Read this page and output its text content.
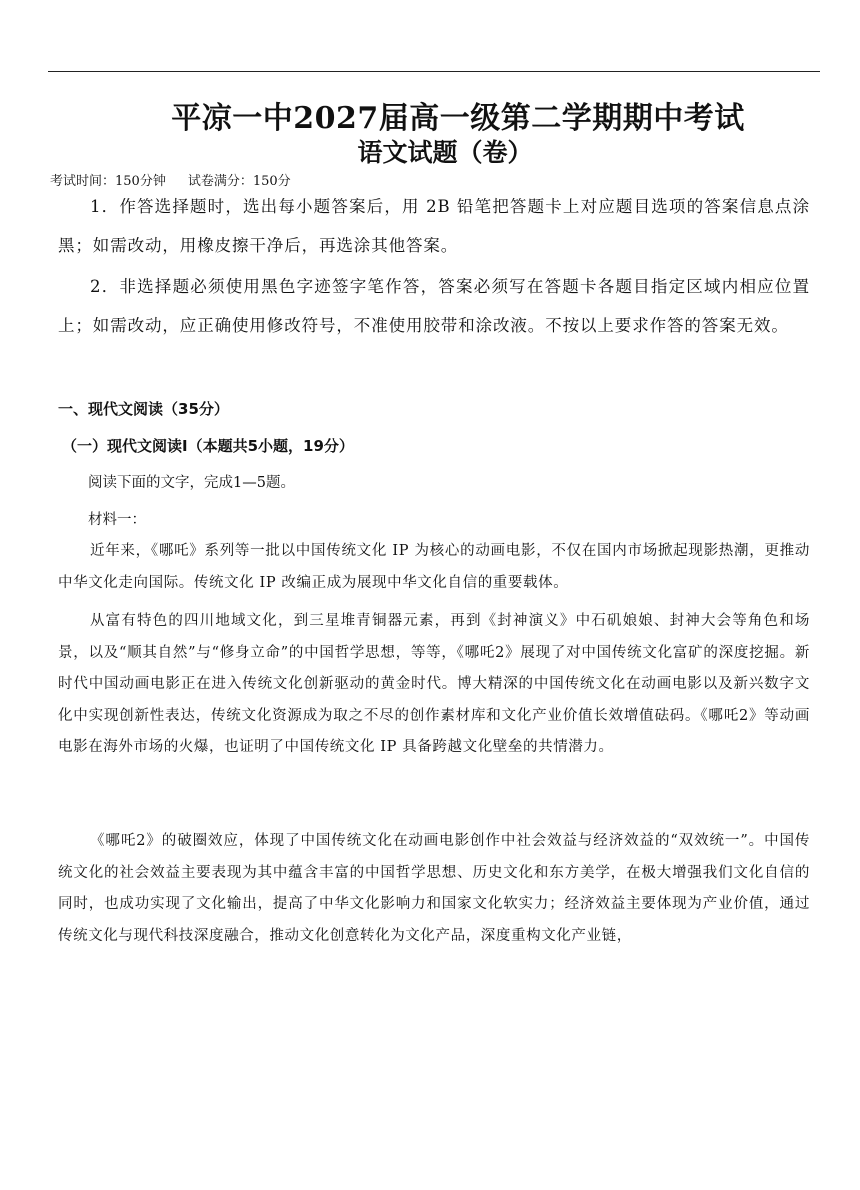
平凉一中2027届高一级第二学期期中考试
语文试题（卷）
考试时间：150分钟 试卷满分：150分
1．作答选择题时，选出每小题答案后，用 2B 铅笔把答题卡上对应题目选项的答案信息点涂黑；如需改动，用橡皮擦干净后，再选涂其他答案。
2．非选择题必须使用黑色字迹签字笔作答，答案必须写在答题卡各题目指定区域内相应位置上；如需改动，应正确使用修改符号，不准使用胶带和涂改液。不按以上要求作答的答案无效。
一、现代文阅读（35分）
（一）现代文阅读Ⅰ（本题共5小题，19分）
阅读下面的文字，完成1—5题。
材料一：
近年来，《哪吒》系列等一批以中国传统文化 IP 为核心的动画电影，不仅在国内市场掀起现影热潮，更推动中华文化走向国际。传统文化 IP 改编正成为展现中华文化自信的重要载体。
从富有特色的四川地域文化，到三星堆青铜器元素，再到《封神演义》中石矶娘娘、封神大会等角色和场景，以及“顺其自然”与“修身立命”的中国哲学思想，等等，《哪吒2》展现了对中国传统文化富矿的深度挖掘。新时代中国动画电影正在进入传统文化创新驱动的黄金时代。博大精深的中国传统文化在动画电影以及新兴数字文化中实现创新性表达，传统文化资源成为取之不尽的创作素材库和文化产业价值长效增值砝码。《哪吒2》等动画电影在海外市场的火爆，也证明了中国传统文化 IP 具备跨越文化壁垒的共情潜力。
《哪吒2》的破圈效应，体现了中国传统文化在动画电影创作中社会效益与经济效益的“双效统一”。中国传统文化的社会效益主要表现为其中蕴含丰富的中国哲学思想、历史文化和东方美学，在极大增强我们文化自信的同时，也成功实现了文化输出，提高了中华文化影响力和国家文化软实力；经济效益主要体现为产业价值，通过传统文化与现代科技深度融合，推动文化创意转化为文化产品，深度重构文化产业链，
